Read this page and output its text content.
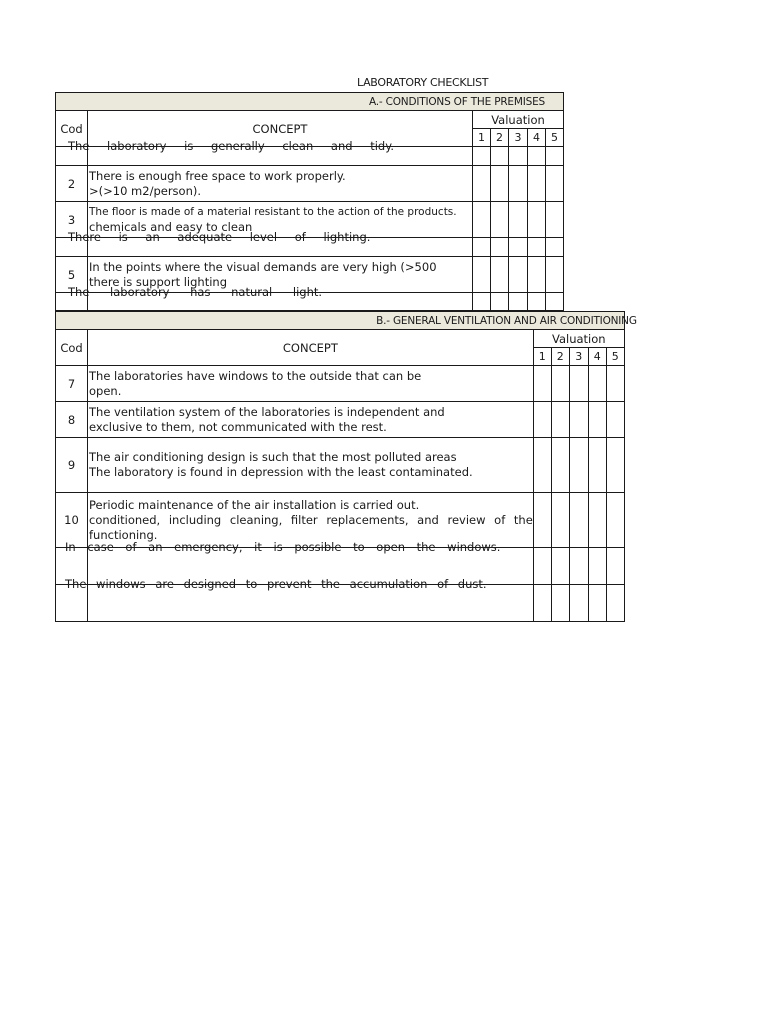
LABORATORY CHECKLIST
A.- CONDITIONS OF THE PREMISES						
Cod	CONCEPT	Valuation				
		1	2	3	4	5

	The laboratory is generally clean and tidy.					

2	There is enough free space to work properly.
>(>10 m2/person).					

3	The floor is made of a material resistant to the action of the products.
chemicals and easy to clean					

	There is an adequate level of lighting.					

5	In the points where the visual demands are very high (>500
there is support lighting					

	The laboratory has natural light.					

B.- GENERAL VENTILATION AND AIR CONDITIONING						
Cod	CONCEPT	Valuation				
		1	2	3	4	5
7	The laboratories have windows to the outside that can be
open.					

8	The ventilation system of the laboratories is independent and
exclusive to them, not communicated with the rest.					

9	The air conditioning design is such that the most polluted areas
The laboratory is found in depression with the least contaminated.					

10	Periodic maintenance of the air installation is carried out.
conditioned, including cleaning, filter replacements, and review of the
functioning.					

	In case of an emergency, it is possible to open the windows.					

	The windows are designed to prevent the accumulation of dust.					
